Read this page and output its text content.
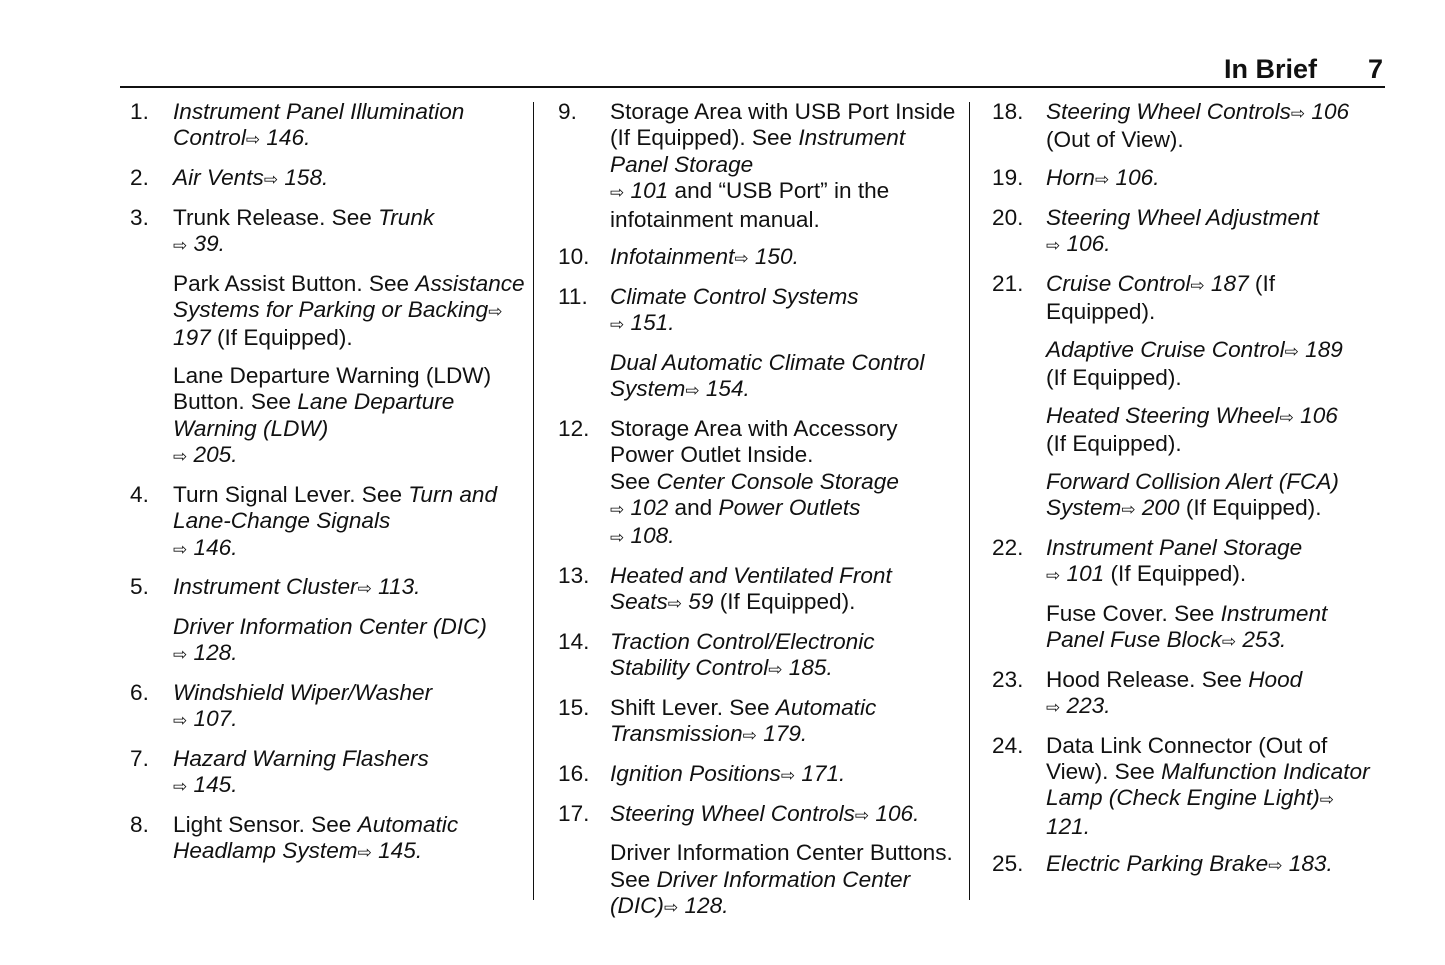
In Brief 7
1. Instrument Panel Illumination Control⇨ 146.
2. Air Vents⇨ 158.
3. Trunk Release. See Trunk
⇨ 39.
Park Assist Button. See Assistance Systems for Parking or Backing⇨ 197 (If Equipped).
Lane Departure Warning (LDW) Button. See Lane Departure Warning (LDW)
⇨ 205.
4. Turn Signal Lever. See Turn and Lane-Change Signals
⇨ 146.
5. Instrument Cluster⇨ 113.
Driver Information Center (DIC)
⇨ 128.
6. Windshield Wiper/Washer
⇨ 107.
7. Hazard Warning Flashers
⇨ 145.
8. Light Sensor. See Automatic Headlamp System⇨ 145.
9. Storage Area with USB Port Inside (If Equipped). See Instrument Panel Storage
⇨ 101 and “USB Port” in the infotainment manual.
10. Infotainment⇨ 150.
11. Climate Control Systems
⇨ 151.
Dual Automatic Climate Control System⇨ 154.
12. Storage Area with Accessory Power Outlet Inside.
See Center Console Storage
⇨ 102 and Power Outlets
⇨ 108.
13. Heated and Ventilated Front Seats⇨ 59 (If Equipped).
14. Traction Control/Electronic Stability Control⇨ 185.
15. Shift Lever. See Automatic Transmission⇨ 179.
16. Ignition Positions⇨ 171.
17. Steering Wheel Controls⇨ 106.
Driver Information Center Buttons. See Driver Information Center (DIC)⇨ 128.
18. Steering Wheel Controls⇨ 106
(Out of View).
19. Horn⇨ 106.
20. Steering Wheel Adjustment
⇨ 106.
21. Cruise Control⇨ 187 (If Equipped).
Adaptive Cruise Control⇨ 189
(If Equipped).
Heated Steering Wheel⇨ 106
(If Equipped).
Forward Collision Alert (FCA) System⇨ 200 (If Equipped).
22. Instrument Panel Storage
⇨ 101 (If Equipped).
Fuse Cover. See Instrument Panel Fuse Block⇨ 253.
23. Hood Release. See Hood
⇨ 223.
24. Data Link Connector (Out of View). See Malfunction Indicator Lamp (Check Engine Light)⇨ 121.
25. Electric Parking Brake⇨ 183.
